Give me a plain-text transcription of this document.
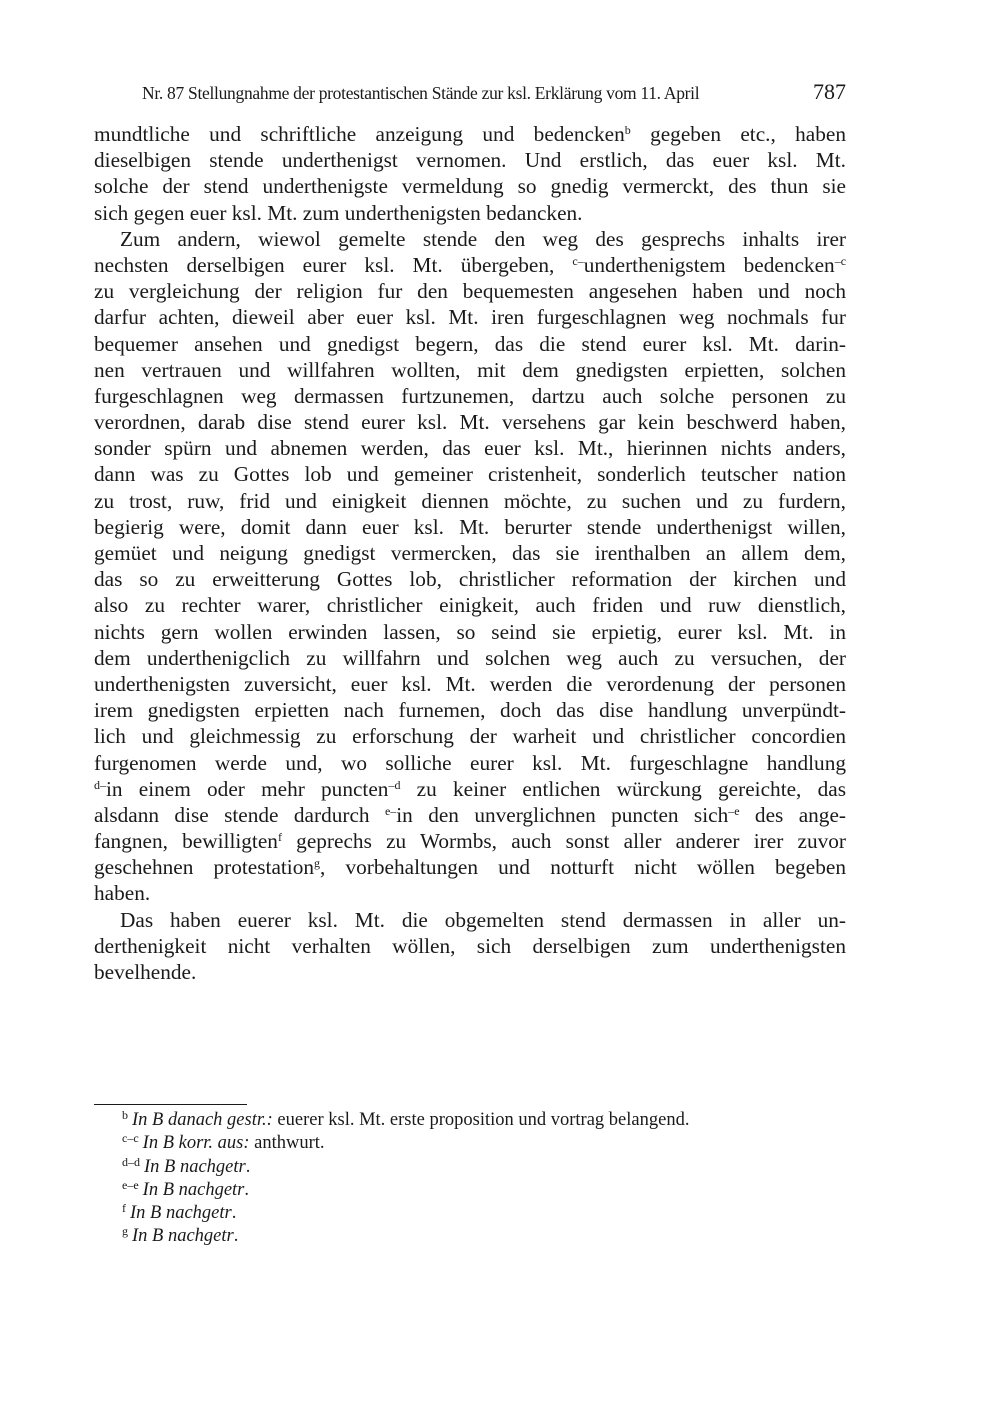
Nr. 87 Stellungnahme der protestantischen Stände zur ksl. Erklärung vom 11. April	787
mundtliche und schriftliche anzeigung und bedencken$^b$ gegeben etc., haben
dieselbigen stende underthenigst vernomen. Und erstlich, das euer ksl. Mt.
solche der stend underthenigste vermeldung so gnedig vermerckt, des thun sie
sich gegen euer ksl. Mt. zum underthenigsten bedancken.
Zum andern, wiewol gemelte stende den weg des gesprechs inhalts irer
nechsten derselbigen eurer ksl. Mt. übergeben, $^{c-}$underthenigstem bedencken$^{-c}$
zu vergleichung der religion fur den bequemesten angesehen haben und noch
darfur achten, dieweil aber euer ksl. Mt. iren furgeschlagnen weg nochmals fur
bequemer ansehen und gnedigst begern, das die stend eurer ksl. Mt. darin-
nen vertrauen und willfahren wollten, mit dem gnedigsten erpietten, solchen
furgeschlagnen weg dermassen furtzunemen, dartzu auch solche personen zu
verordnen, darab dise stend eurer ksl. Mt. versehens gar kein beschwerd haben,
sonder spürn und abnemen werden, das euer ksl. Mt., hierinnen nichts anders,
dann was zu Gottes lob und gemeiner cristenheit, sonderlich teutscher nation
zu trost, ruw, frid und einigkeit diennen möchte, zu suchen und zu furdern,
begierig were, domit dann euer ksl. Mt. berurter stende underthenigst willen,
gemüet und neigung gnedigst vermercken, das sie irenthalben an allem dem,
das so zu erweitterung Gottes lob, christlicher reformation der kirchen und
also zu rechter warer, christlicher einigkeit, auch friden und ruw dienstlich,
nichts gern wollen erwinden lassen, so seind sie erpietig, eurer ksl. Mt. in
dem underthenigclich zu willfahrn und solchen weg auch zu versuchen, der
underthenigsten zuversicht, euer ksl. Mt. werden die verordenung der personen
irem gnedigsten erpietten nach furnemen, doch das dise handlung unverpündt-
lich und gleichmessig zu erforschung der warheit und christlicher concordien
furgenomen werde und, wo solliche eurer ksl. Mt. furgeschlagne handlung
$^{d-}$in einem oder mehr puncten$^{-d}$ zu keiner entlichen würckung gereichte, das
alsdann dise stende dardurch $^{e-}$in den unverglichnen puncten sich$^{-e}$ des ange-
fangnen, bewilligten$^f$ geprechs zu Wormbs, auch sonst aller anderer irer zuvor
geschehnen protestation$^g$, vorbehaltungen und notturft nicht wöllen begeben
haben.
Das haben euerer ksl. Mt. die obgemelten stend dermassen in aller un-
derthenigkeit nicht verhalten wöllen, sich derselbigen zum underthenigsten
bevelhende.
$^b$ In B danach gestr.: euerer ksl. Mt. erste proposition und vortrag belangend.
$^{c-c}$ In B korr. aus: anthwurt.
$^{d-d}$ In B nachgetr.
$^{e-e}$ In B nachgetr.
$^f$ In B nachgetr.
$^g$ In B nachgetr.
